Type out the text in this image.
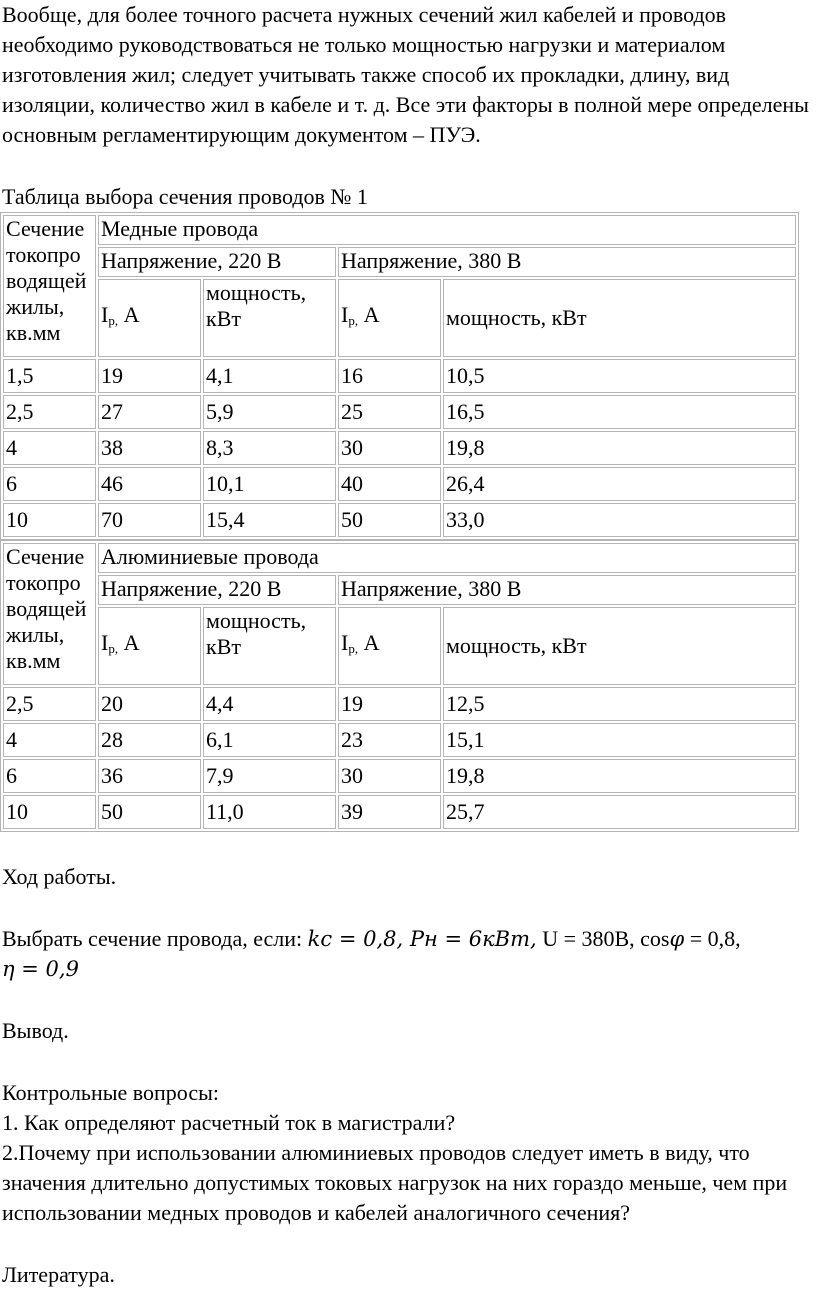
Вообще, для более точного расчета нужных сечений жил кабелей и проводов необходимо руководствоваться не только мощностью нагрузки и материалом изготовления жил; следует учитывать также способ их прокладки, длину, вид изоляции, количество жил в кабеле и т. д. Все эти факторы в полной мере определены основным регламентирующим документом – ПУЭ.

Таблица выбора сечения проводов № 1

Сечение токопро водящей жилы, кв.мм	Медные провода			
	Напряжение, 220 В		Напряжение, 380 В	
	Iр, А	мощность, кВт	Iр, А	мощность, кВт
1,5	19	4,1	16	10,5
2,5	27	5,9	25	16,5
4	38	8,3	30	19,8
6	46	10,1	40	26,4
10	70	15,4	50	33,0
Сечение токопро водящей жилы, кв.мм	Алюминиевые провода			
	Напряжение, 220 В		Напряжение, 380 В	
	Iр, А	мощность, кВт	Iр, А	мощность, кВт
2,5	20	4,4	19	12,5
4	28	6,1	23	15,1
6	36	7,9	30	19,8
10	50	11,0	39	25,7

Ход работы.

Выбрать сечение провода, если: 𝑘𝑐 = 0,8, 𝑃н = 6кВт, U = 380В, cos𝜑 = 0,8,
𝜂 = 0,9

Вывод.

Контрольные вопросы:

1. Как определяют расчетный ток в магистрали?

2.Почему при использовании алюминиевых проводов следует иметь в виду, что значения длительно допустимых токовых нагрузок на них гораздо меньше, чем при использовании медных проводов и кабелей аналогичного сечения?

Литература.
